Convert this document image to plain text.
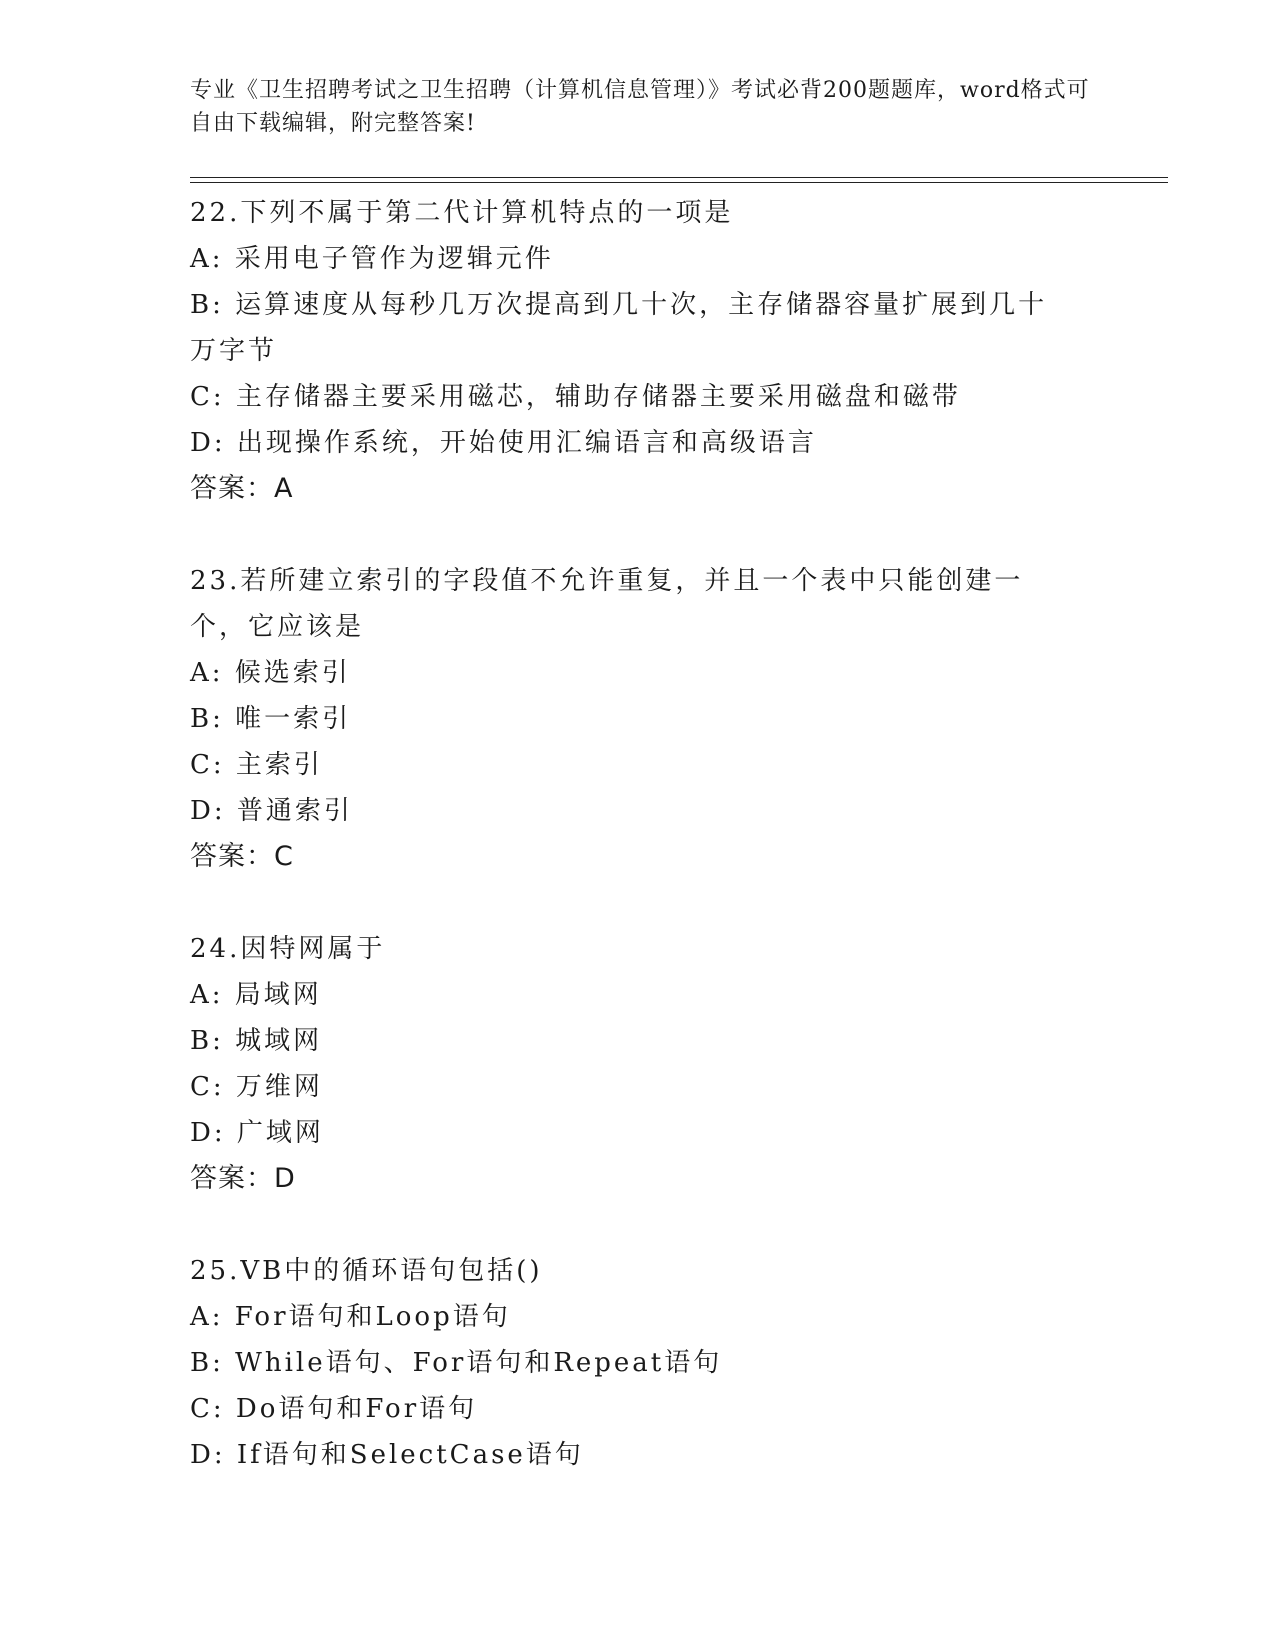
专业《卫生招聘考试之卫生招聘（计算机信息管理）》考试必背200题题库，word格式可自由下载编辑，附完整答案!
22.下列不属于第二代计算机特点的一项是
A: 采用电子管作为逻辑元件
B: 运算速度从每秒几万次提高到几十次，主存储器容量扩展到几十万字节
C: 主存储器主要采用磁芯，辅助存储器主要采用磁盘和磁带
D: 出现操作系统，开始使用汇编语言和高级语言
答案：A
23.若所建立索引的字段值不允许重复，并且一个表中只能创建一个，它应该是
A: 候选索引
B: 唯一索引
C: 主索引
D: 普通索引
答案：C
24.因特网属于
A: 局域网
B: 城域网
C: 万维网
D: 广域网
答案：D
25.VB中的循环语句包括()
A: For语句和Loop语句
B: While语句、For语句和Repeat语句
C: Do语句和For语句
D: If语句和SelectCase语句
